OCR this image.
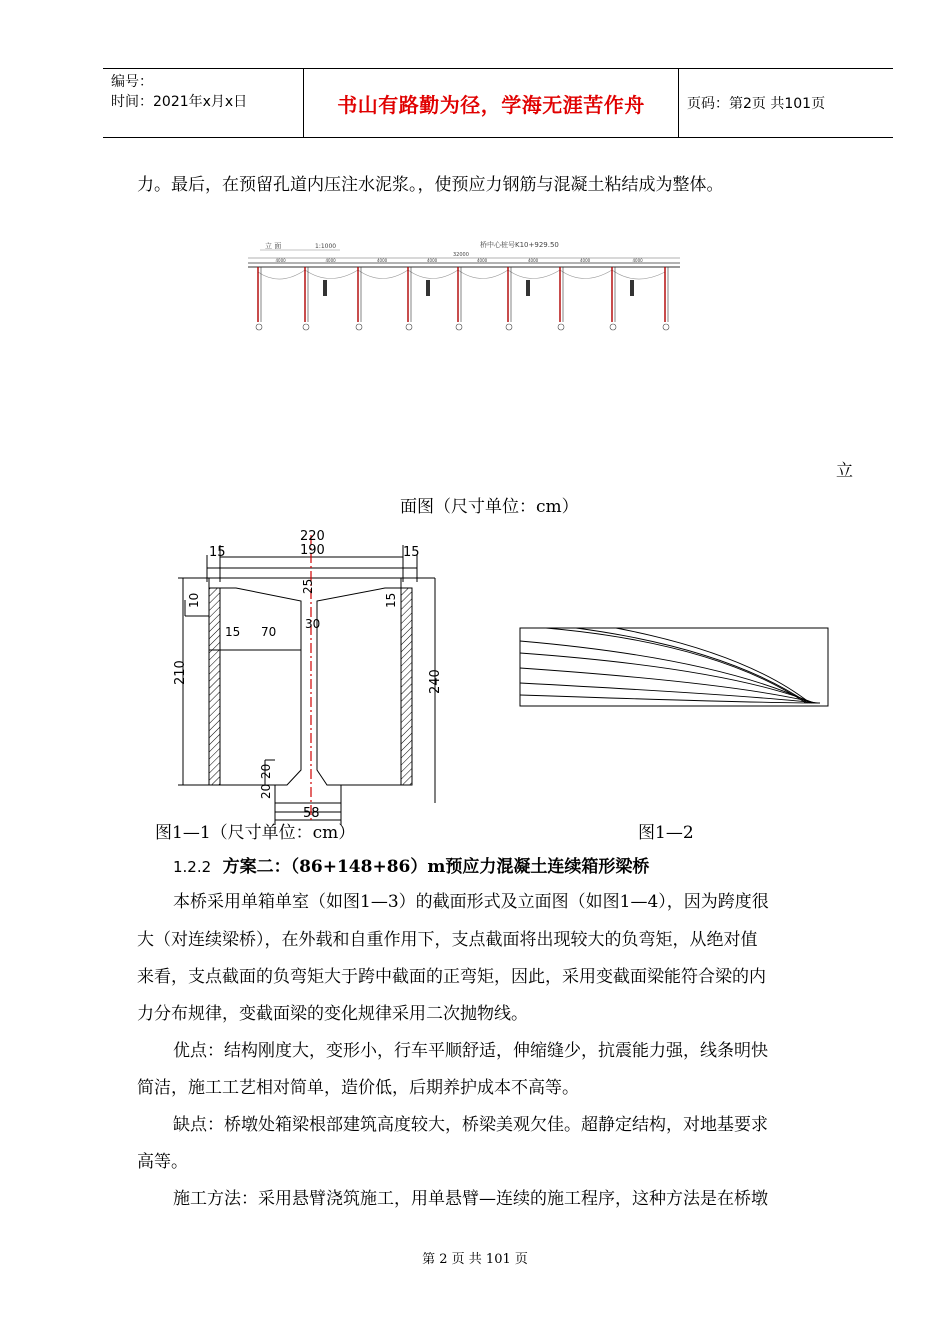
编号：
时间：2021年x月x日	书山有路勤为径，学海无涯苦作舟	页码：第2页 共101页
力。最后，在预留孔道内压注水泥浆。，使预应力钢筋与混凝土粘结成为整体。
立 面	1:1000	桥中心桩号K10+929.50
32000
4000	4000	4000	4000	4000	4000	4000	4000
立
面图（尺寸单位：cm）
220
190
15	15
10
25
15
15 70
30
210	240
20
20
58
图1—1（尺寸单位：cm）	图1—2
1.2.2 方案二：（86+148+86）m预应力混凝土连续箱形梁桥
本桥采用单箱单室（如图1—3）的截面形式及立面图（如图1—4），因为跨度很
大（对连续梁桥），在外载和自重作用下，支点截面将出现较大的负弯矩，从绝对值
来看，支点截面的负弯矩大于跨中截面的正弯矩，因此，采用变截面梁能符合梁的内
力分布规律，变截面梁的变化规律采用二次抛物线。
优点：结构刚度大，变形小，行车平顺舒适，伸缩缝少，抗震能力强，线条明快
简洁，施工工艺相对简单，造价低，后期养护成本不高等。
缺点：桥墩处箱梁根部建筑高度较大，桥梁美观欠佳。超静定结构，对地基要求
高等。
施工方法：采用悬臂浇筑施工，用单悬臂—连续的施工程序，这种方法是在桥墩
第 2 页 共 101 页
